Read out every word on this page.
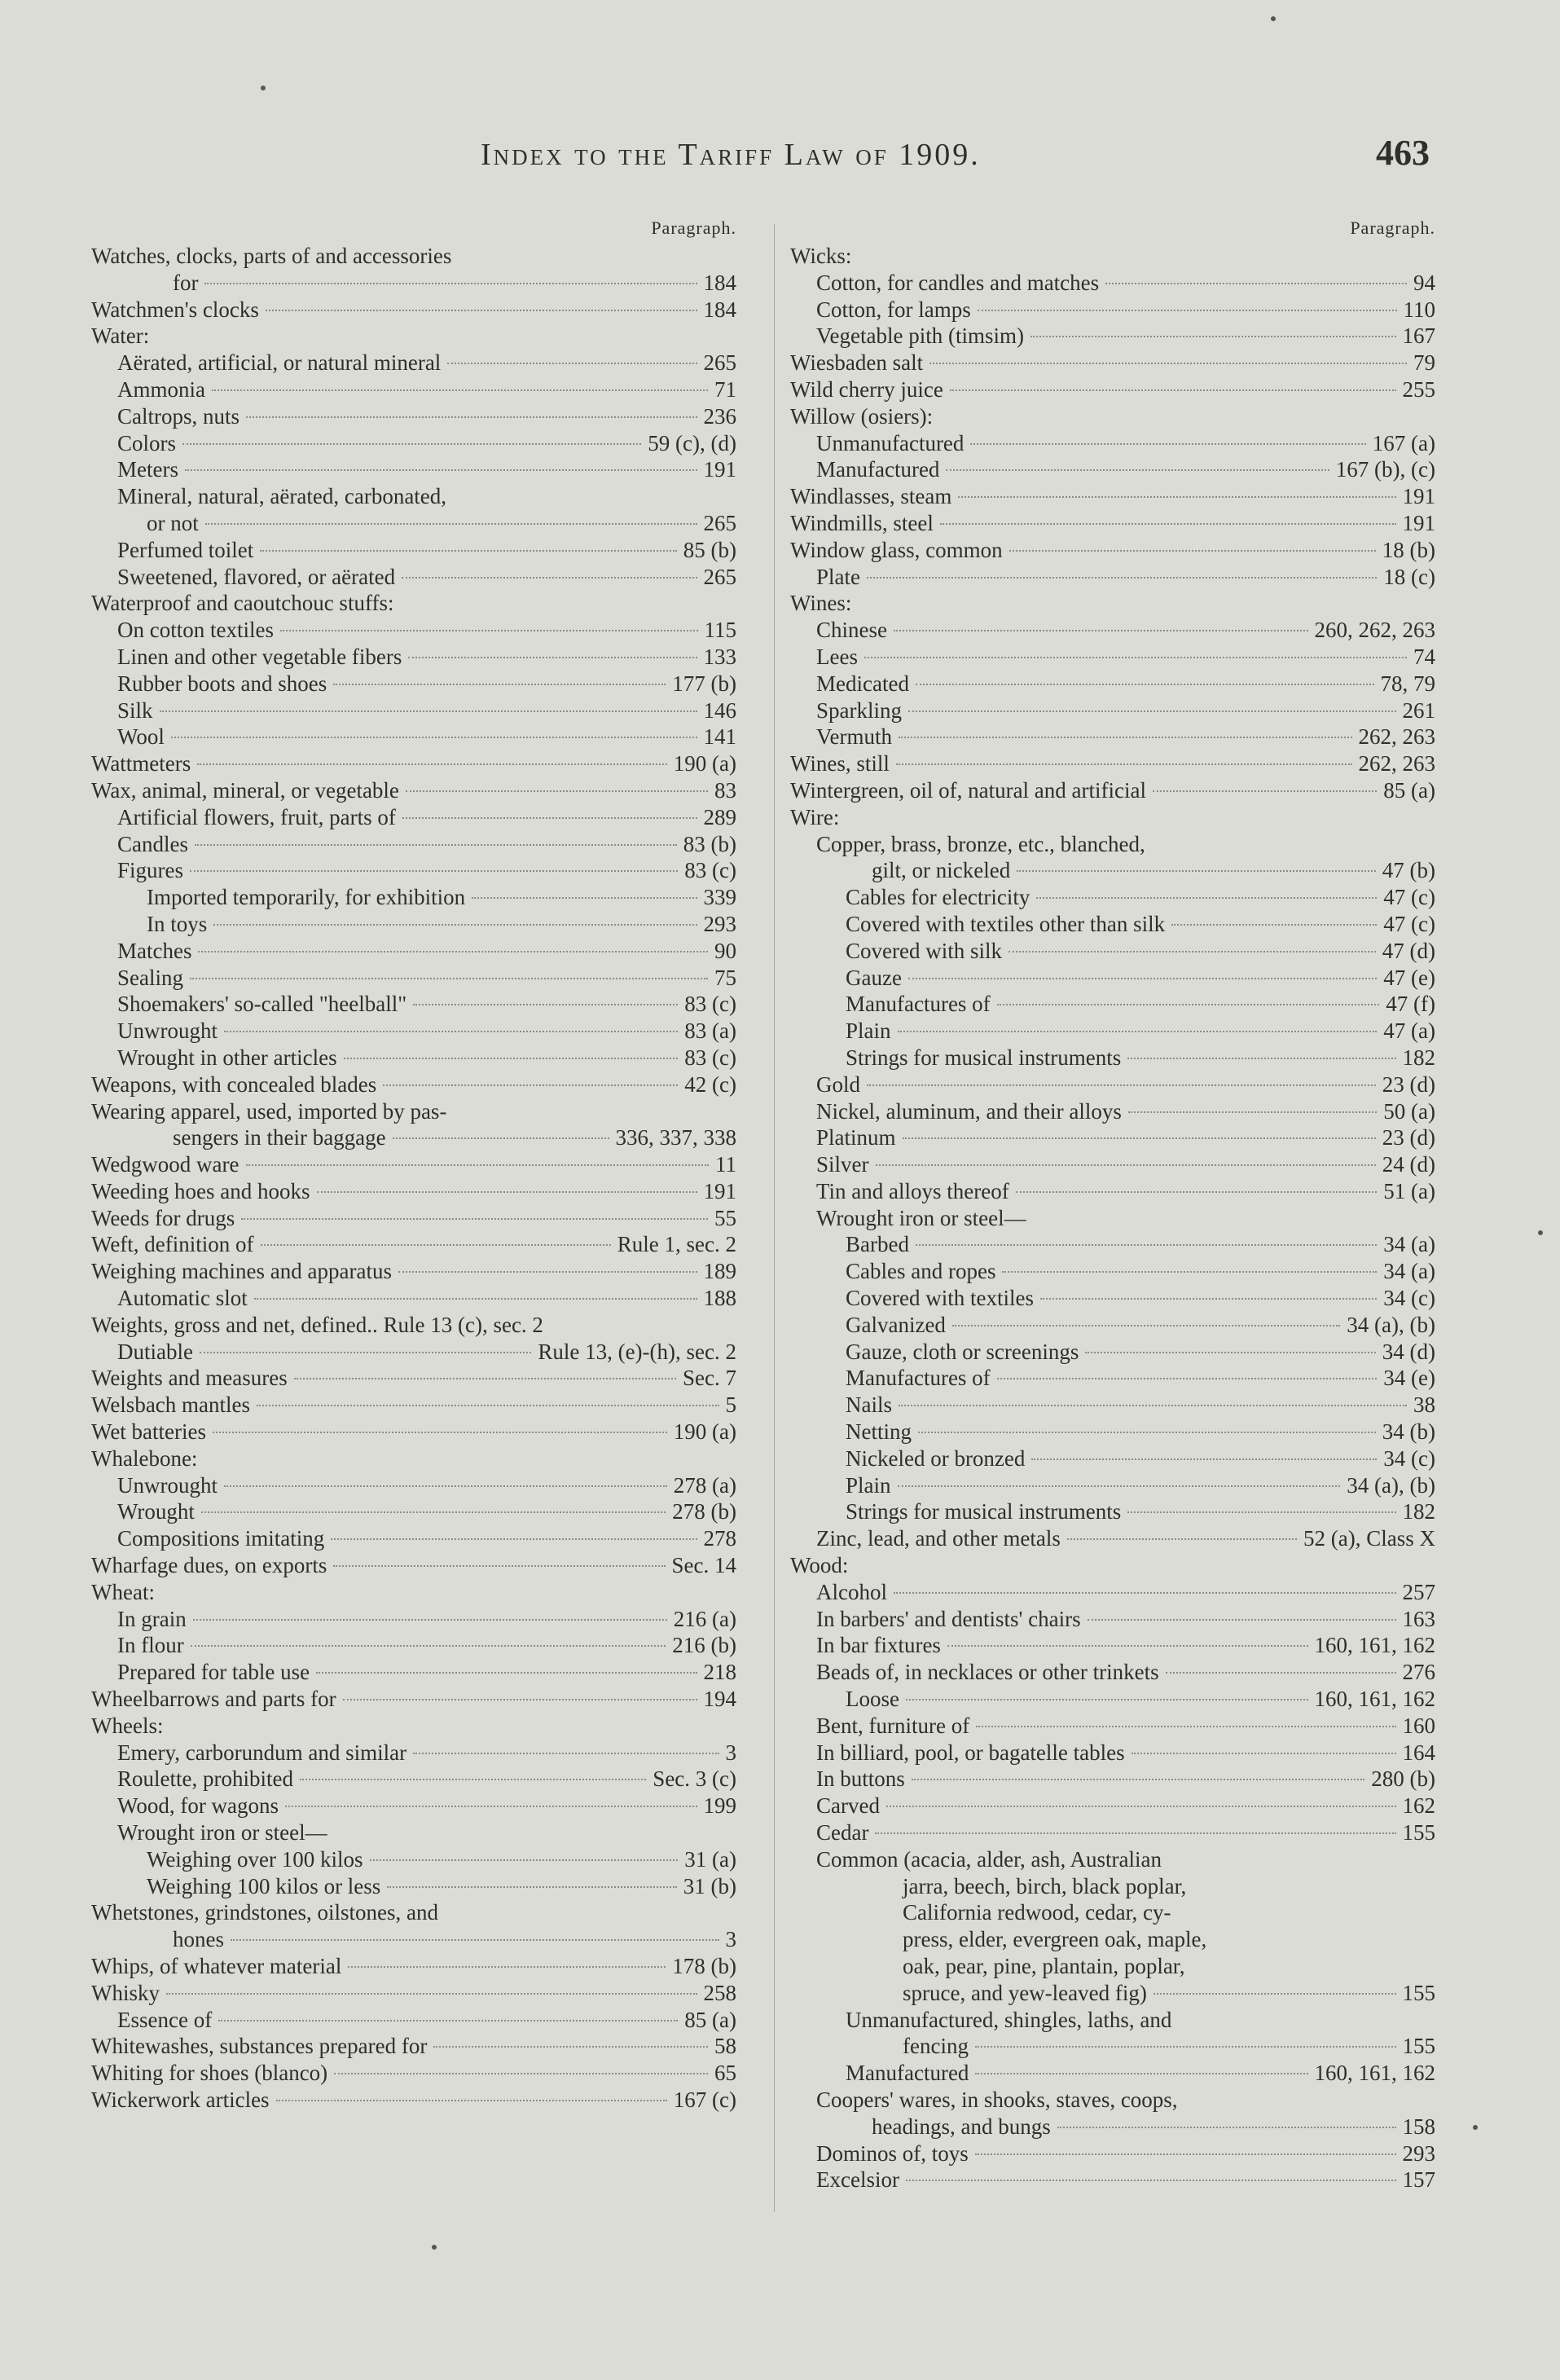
Index to the Tariff Law of 1909.	463
Paragraph.
Watches, clocks, parts of and accessories
for	184
Watchmen's clocks	184
Water:
Aërated, artificial, or natural mineral	265
Ammonia	71
Caltrops, nuts	236
Colors	59 (c), (d)
Meters	191
Mineral, natural, aërated, carbonated,
or not	265
Perfumed toilet	85 (b)
Sweetened, flavored, or aërated	265
Waterproof and caoutchouc stuffs:
On cotton textiles	115
Linen and other vegetable fibers	133
Rubber boots and shoes	177 (b)
Silk	146
Wool	141
Wattmeters	190 (a)
Wax, animal, mineral, or vegetable	83
Artificial flowers, fruit, parts of	289
Candles	83 (b)
Figures	83 (c)
Imported temporarily, for exhibition	339
In toys	293
Matches	90
Sealing	75
Shoemakers' so-called "heelball"	83 (c)
Unwrought	83 (a)
Wrought in other articles	83 (c)
Weapons, with concealed blades	42 (c)
Wearing apparel, used, imported by pas-
sengers in their baggage	336, 337, 338
Wedgwood ware	11
Weeding hoes and hooks	191
Weeds for drugs	55
Weft, definition of	Rule 1, sec. 2
Weighing machines and apparatus	189
Automatic slot	188
Weights, gross and net, defined.. Rule 13 (c), sec. 2
Dutiable	Rule 13, (e)-(h), sec. 2
Weights and measures	Sec. 7
Welsbach mantles	5
Wet batteries	190 (a)
Whalebone:
Unwrought	278 (a)
Wrought	278 (b)
Compositions imitating	278
Wharfage dues, on exports	Sec. 14
Wheat:
In grain	216 (a)
In flour	216 (b)
Prepared for table use	218
Wheelbarrows and parts for	194
Wheels:
Emery, carborundum and similar	3
Roulette, prohibited	Sec. 3 (c)
Wood, for wagons	199
Wrought iron or steel—
Weighing over 100 kilos	31 (a)
Weighing 100 kilos or less	31 (b)
Whetstones, grindstones, oilstones, and
hones	3
Whips, of whatever material	178 (b)
Whisky	258
Essence of	85 (a)
Whitewashes, substances prepared for	58
Whiting for shoes (blanco)	65
Wickerwork articles	167 (c)
Paragraph.
Wicks:
Cotton, for candles and matches	94
Cotton, for lamps	110
Vegetable pith (timsim)	167
Wiesbaden salt	79
Wild cherry juice	255
Willow (osiers):
Unmanufactured	167 (a)
Manufactured	167 (b), (c)
Windlasses, steam	191
Windmills, steel	191
Window glass, common	18 (b)
Plate	18 (c)
Wines:
Chinese	260, 262, 263
Lees	74
Medicated	78, 79
Sparkling	261
Vermuth	262, 263
Wines, still	262, 263
Wintergreen, oil of, natural and artificial	85 (a)
Wire:
Copper, brass, bronze, etc., blanched,
gilt, or nickeled	47 (b)
Cables for electricity	47 (c)
Covered with textiles other than silk	47 (c)
Covered with silk	47 (d)
Gauze	47 (e)
Manufactures of	47 (f)
Plain	47 (a)
Strings for musical instruments	182
Gold	23 (d)
Nickel, aluminum, and their alloys	50 (a)
Platinum	23 (d)
Silver	24 (d)
Tin and alloys thereof	51 (a)
Wrought iron or steel—
Barbed	34 (a)
Cables and ropes	34 (a)
Covered with textiles	34 (c)
Galvanized	34 (a), (b)
Gauze, cloth or screenings	34 (d)
Manufactures of	34 (e)
Nails	38
Netting	34 (b)
Nickeled or bronzed	34 (c)
Plain	34 (a), (b)
Strings for musical instruments	182
Zinc, lead, and other metals	52 (a), Class X
Wood:
Alcohol	257
In barbers' and dentists' chairs	163
In bar fixtures	160, 161, 162
Beads of, in necklaces or other trinkets	276
Loose	160, 161, 162
Bent, furniture of	160
In billiard, pool, or bagatelle tables	164
In buttons	280 (b)
Carved	162
Cedar	155
Common (acacia, alder, ash, Australian
jarra, beech, birch, black poplar,
California redwood, cedar, cy-
press, elder, evergreen oak, maple,
oak, pear, pine, plantain, poplar,
spruce, and yew-leaved fig)	155
Unmanufactured, shingles, laths, and
fencing	155
Manufactured	160, 161, 162
Coopers' wares, in shooks, staves, coops,
headings, and bungs	158
Dominos of, toys	293
Excelsior	157
